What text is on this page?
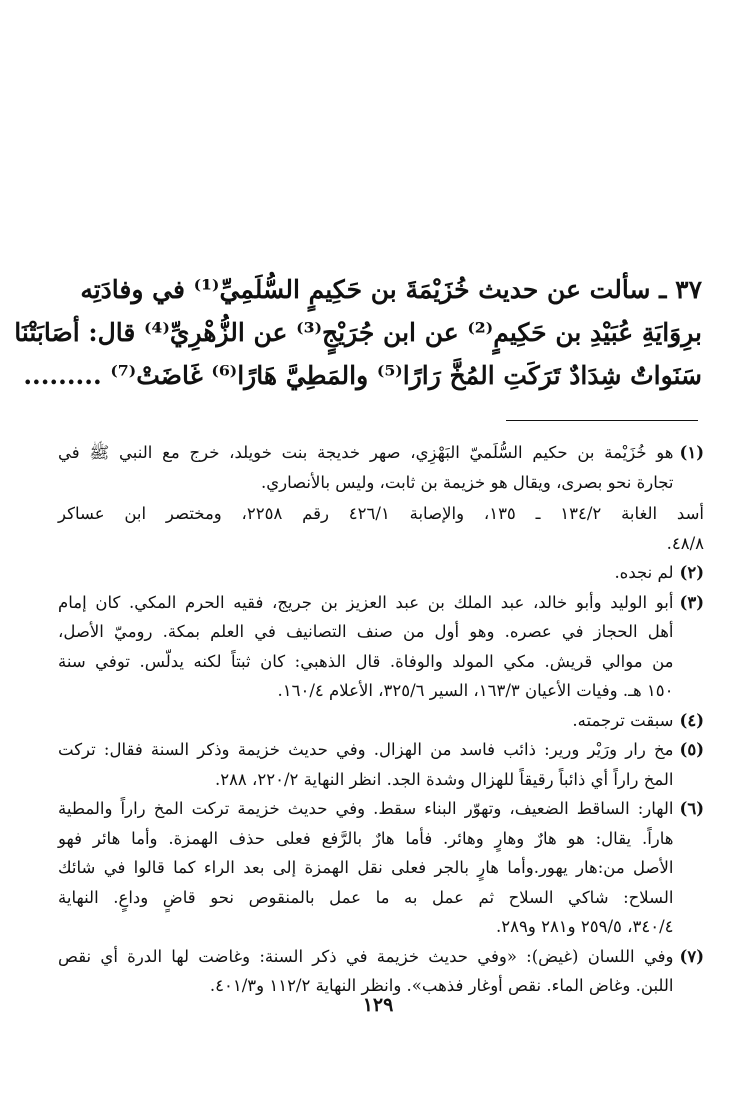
٣٧ ـ سألت عن حديث خُزَيْمَةَ بن حَكِيمٍ السُّلَمِيِّ⁽¹⁾ في وفادَتِه
برِوَايَةِ عُبَيْدِ بن حَكِيمٍ⁽²⁾ عن ابن جُرَيْجٍ⁽³⁾ عن الزُّهْرِيِّ⁽⁴⁾ قال: أصَابَتْنَا
سَنَواتٌ شِدَادٌ تَرَكَتِ المُخَّ رَارًا⁽⁵⁾ والمَطِيَّ هَارًا⁽⁶⁾ غَاضَتْ⁽⁷⁾ .........
(١)
هو خُزَيْمة بن حكيم السُّلَميّ البَهْزِي، صهر خديجة بنت خويلد، خرج مع النبي ﷺ في
تجارة نحو بصرى، ويقال هو خزيمة بن ثابت، وليس بالأنصاري.
أسد الغابة ١٣٤/٢ ـ ١٣٥، والإصابة ٤٢٦/١ رقم ٢٢٥٨، ومختصر ابن عساكر
٤٨/٨.
(٢)
لم نجده.
(٣)
أبو الوليد وأبو خالد، عبد الملك بن عبد العزيز بن جريج، فقيه الحرم المكي. كان إمام
أهل الحجاز في عصره. وهو أول من صنف التصانيف في العلم بمكة. روميّ الأصل،
من موالي قريش. مكي المولد والوفاة. قال الذهبي: كان ثبتاً لكنه يدلّس. توفي سنة
١٥٠ هـ. وفيات الأعيان ١٦٣/٣، السير ٣٢٥/٦، الأعلام ١٦٠/٤.
(٤)
سبقت ترجمته.
(٥)
مخ رار ورَيْر ورير: ذائب فاسد من الهزال. وفي حديث خزيمة وذكر السنة فقال: تركت
المخ راراً أي ذائباً رقيقاً للهزال وشدة الجد. انظر النهاية ٢٢٠/٢، ٢٨٨.
(٦)
الهار: الساقط الضعيف، وتهوّر البناء سقط. وفي حديث خزيمة تركت المخ راراً والمطية
هاراً. يقال: هو هارٌ وهارٍ وهائر. فأما هارٌ بالرَّفع فعلى حذف الهمزة. وأما هائر فهو
الأصل من:هار يهور.وأما هارٍ بالجر فعلى نقل الهمزة إلى بعد الراء كما قالوا في شائك
السلاح: شاكي السلاح ثم عمل به ما عمل بالمنقوص نحو قاضٍ وداعٍ. النهاية
٣٤٠/٤، ٢٥٩/٥ و٢٨١ و٢٨٩.
(٧)
وفي اللسان (غيض): «وفي حديث خزيمة في ذكر السنة: وغاضت لها الدرة أي نقص
اللبن. وغاض الماء. نقص أوغار فذهب». وانظر النهاية ١١٢/٢ و٤٠١/٣.
١٢٩
